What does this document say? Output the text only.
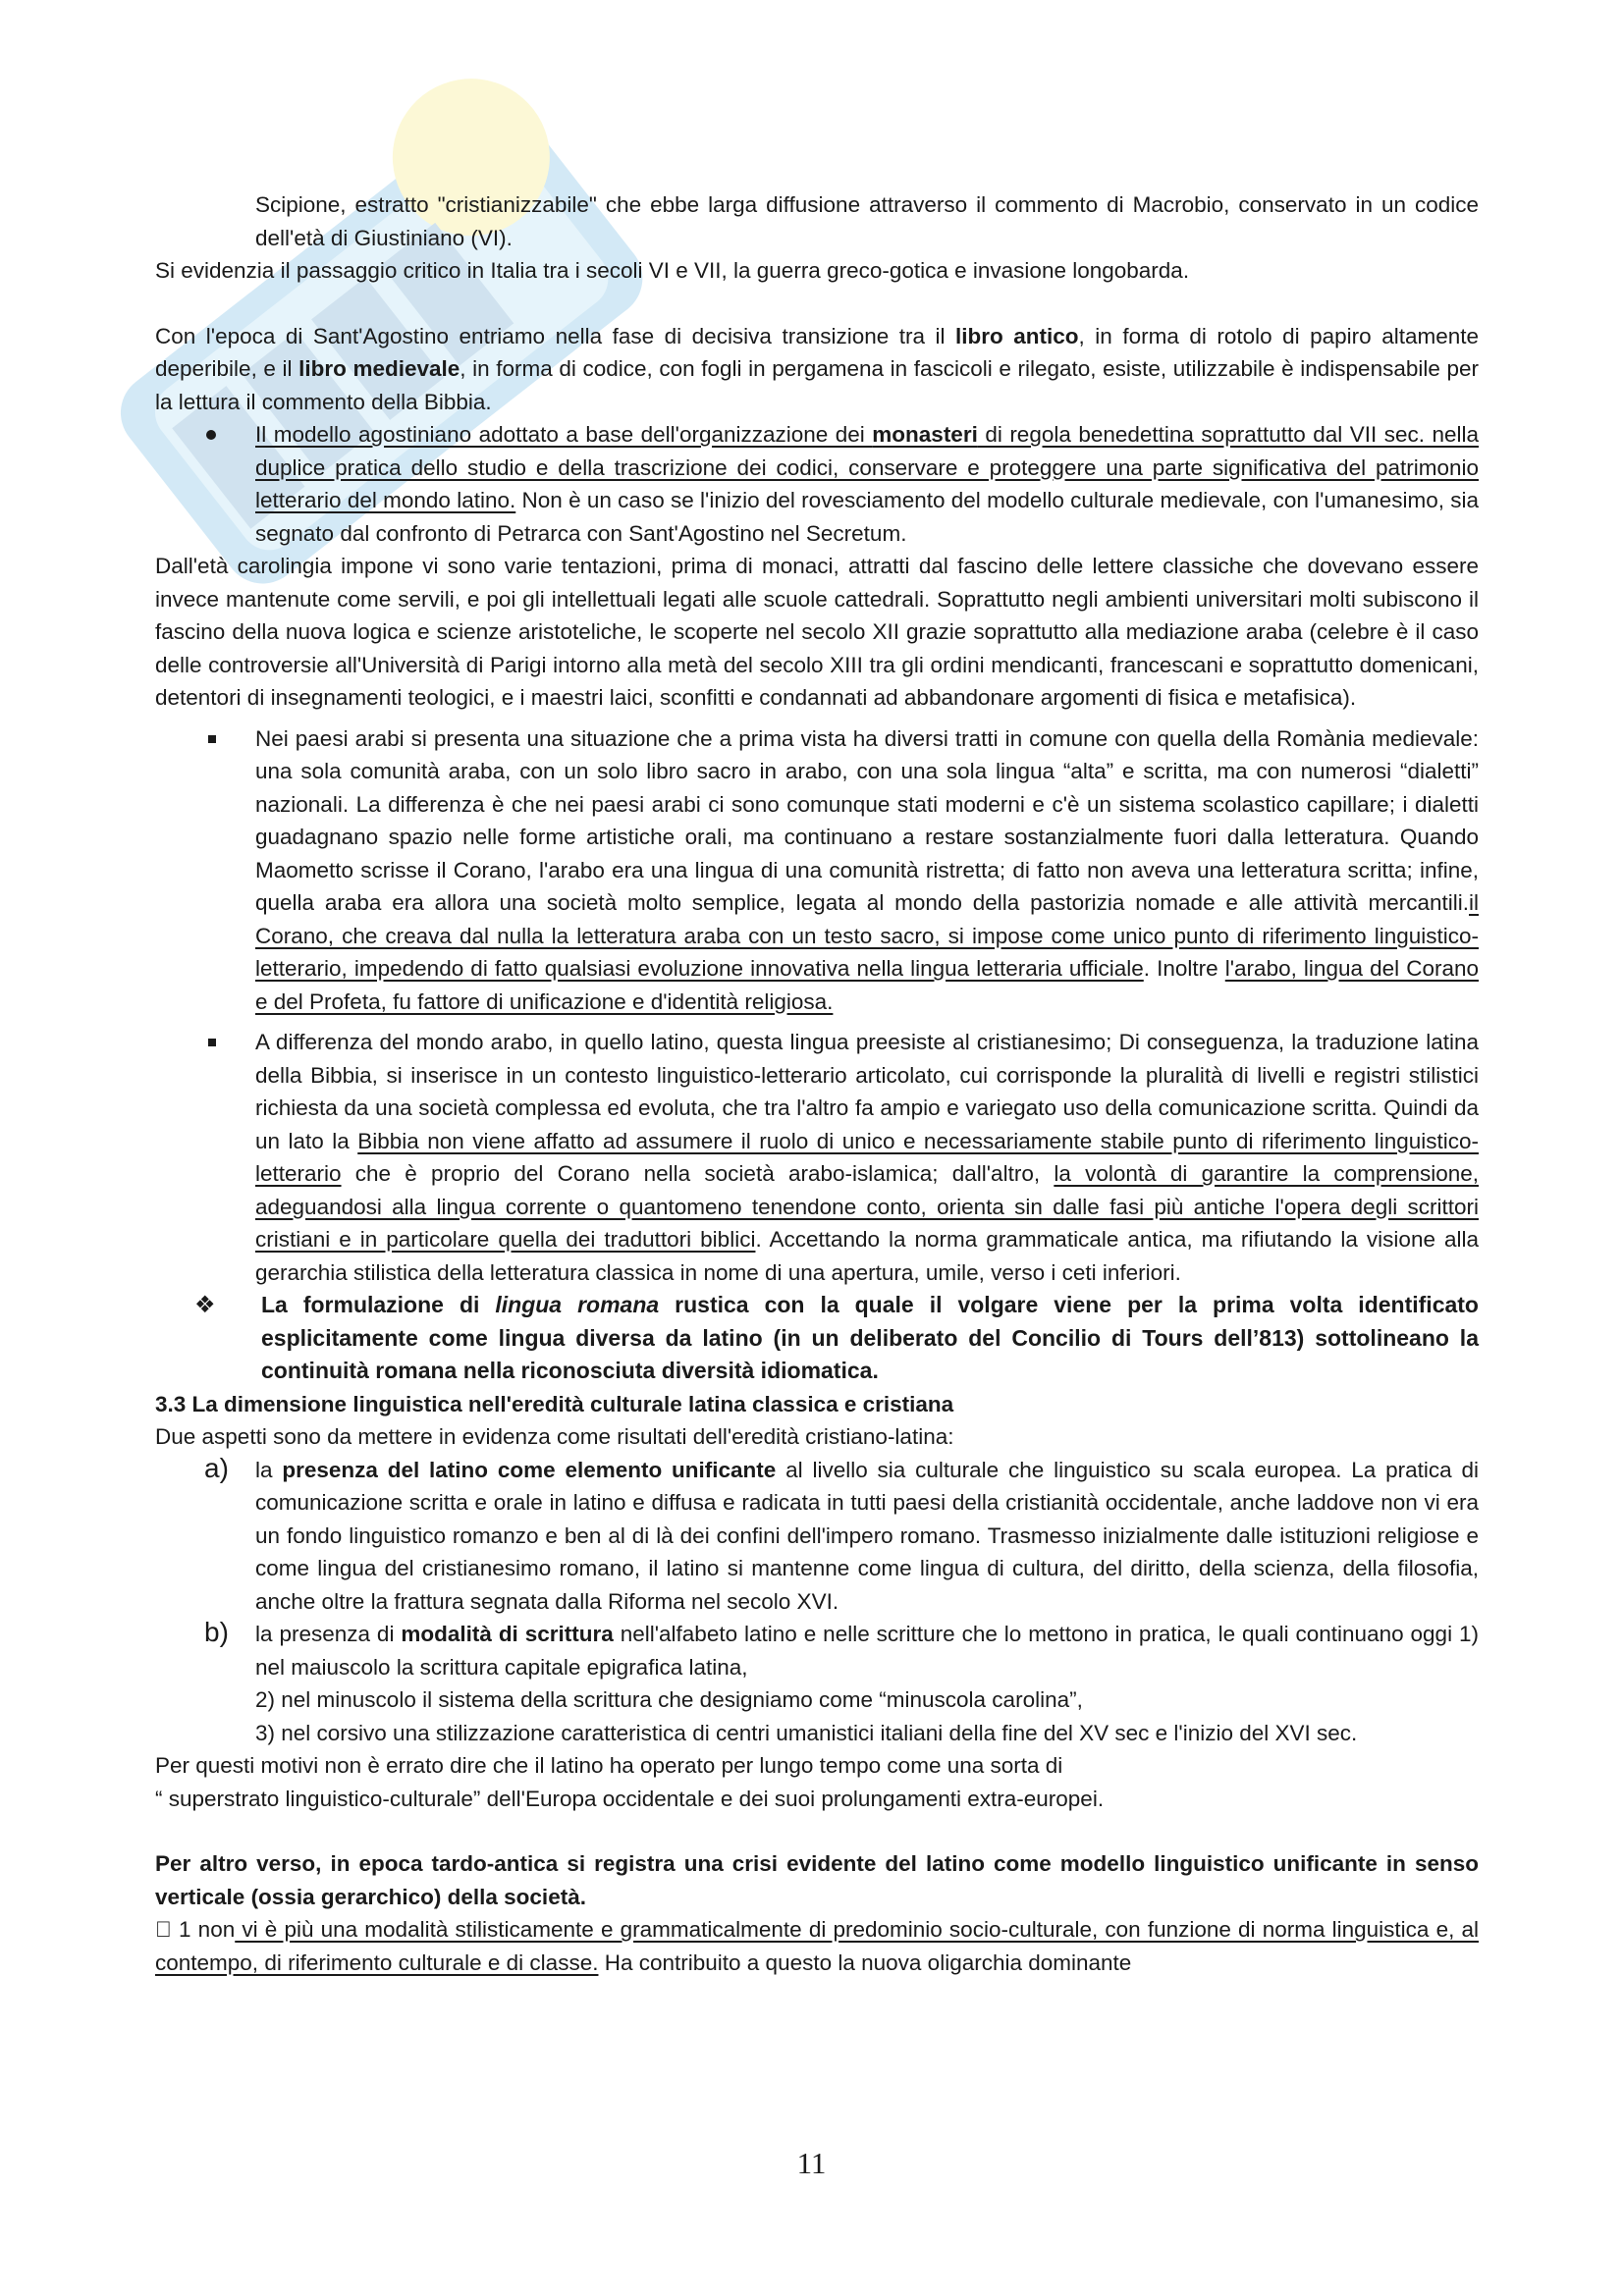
Scipione, estratto "cristianizzabile" che ebbe larga diffusione attraverso il commento di Macrobio, conservato in un codice dell'età di Giustiniano (VI).

Si evidenzia il passaggio critico in Italia tra i secoli VI e VII, la guerra greco-gotica e invasione longobarda.

Con l'epoca di Sant'Agostino entriamo nella fase di decisiva transizione tra il libro antico, in forma di rotolo di papiro altamente deperibile, e il libro medievale, in forma di codice, con fogli in pergamena in fascicoli e rilegato, esiste, utilizzabile è indispensabile per la lettura il commento della Bibbia.

Il modello agostiniano adottato a base dell'organizzazione dei monasteri di regola benedettina soprattutto dal VII sec. nella duplice pratica dello studio e della trascrizione dei codici, conservare e proteggere una parte significativa del patrimonio letterario del mondo latino. Non è un caso se l'inizio del rovesciamento del modello culturale medievale, con l'umanesimo, sia segnato dal confronto di Petrarca con Sant'Agostino nel Secretum.

Dall'età carolingia impone vi sono varie tentazioni, prima di monaci, attratti dal fascino delle lettere classiche che dovevano essere invece mantenute come servili, e poi gli intellettuali legati alle scuole cattedrali. Soprattutto negli ambienti universitari molti subiscono il fascino della nuova logica e scienze aristoteliche, le scoperte nel secolo XII grazie soprattutto alla mediazione araba (celebre è il caso delle controversie all'Università di Parigi intorno alla metà del secolo XIII tra gli ordini mendicanti, francescani e soprattutto domenicani, detentori di insegnamenti teologici, e i maestri laici, sconfitti e condannati ad abbandonare argomenti di fisica e metafisica).

Nei paesi arabi si presenta una situazione che a prima vista ha diversi tratti in comune con quella della Romània medievale: una sola comunità araba, con un solo libro sacro in arabo, con una sola lingua “alta” e scritta, ma con numerosi “dialetti” nazionali. La differenza è che nei paesi arabi ci sono comunque stati moderni e c'è un sistema scolastico capillare; i dialetti guadagnano spazio nelle forme artistiche orali, ma continuano a restare sostanzialmente fuori dalla letteratura. Quando Maometto scrisse il Corano, l'arabo era una lingua di una comunità ristretta; di fatto non aveva una letteratura scritta; infine, quella araba era allora una società molto semplice, legata al mondo della pastorizia nomade e alle attività mercantili.il Corano, che creava dal nulla la letteratura araba con un testo sacro, si impose come unico punto di riferimento linguistico-letterario, impedendo di fatto qualsiasi evoluzione innovativa nella lingua letteraria ufficiale. Inoltre l'arabo, lingua del Corano e del Profeta, fu fattore di unificazione e d'identità religiosa.
A differenza del mondo arabo, in quello latino, questa lingua preesiste al cristianesimo; Di conseguenza, la traduzione latina della Bibbia, si inserisce in un contesto linguistico-letterario articolato, cui corrisponde la pluralità di livelli e registri stilistici richiesta da una società complessa ed evoluta, che tra l'altro fa ampio e variegato uso della comunicazione scritta. Quindi da un lato la Bibbia non viene affatto ad assumere il ruolo di unico e necessariamente stabile punto di riferimento linguistico-letterario che è proprio del Corano nella società arabo-islamica; dall'altro, la volontà di garantire la comprensione, adeguandosi alla lingua corrente o quantomeno tenendone conto, orienta sin dalle fasi più antiche l'opera degli scrittori cristiani e in particolare quella dei traduttori biblici. Accettando la norma grammaticale antica, ma rifiutando la visione alla gerarchia stilistica della letteratura classica in nome di una apertura, umile, verso i ceti inferiori.
❖ La formulazione di lingua romana rustica con la quale il volgare viene per la prima volta identificato esplicitamente come lingua diversa da latino (in un deliberato del Concilio di Tours dell’813) sottolineano la continuità romana nella riconosciuta diversità idiomatica.

3.3 La dimensione linguistica nell'eredità culturale latina classica e cristiana

Due aspetti sono da mettere in evidenza come risultati dell'eredità cristiano-latina:

a) la presenza del latino come elemento unificante al livello sia culturale che linguistico su scala europea. La pratica di comunicazione scritta e orale in latino e diffusa e radicata in tutti paesi della cristianità occidentale, anche laddove non vi era un fondo linguistico romanzo e ben al di là dei confini dell'impero romano. Trasmesso inizialmente dalle istituzioni religiose e come lingua del cristianesimo romano, il latino si mantenne come lingua di cultura, del diritto, della scienza, della filosofia, anche oltre la frattura segnata dalla Riforma nel secolo XVI.
b) la presenza di modalità di scrittura nell'alfabeto latino e nelle scritture che lo mettono in pratica, le quali continuano oggi 1) nel maiuscolo la scrittura capitale epigrafica latina,
2) nel minuscolo il sistema della scrittura che designiamo come “minuscola carolina”,
3) nel corsivo una stilizzazione caratteristica di centri umanistici italiani della fine del XV sec e l'inizio del XVI sec.

Per questi motivi non è errato dire che il latino ha operato per lungo tempo come una sorta di

“ superstrato linguistico-culturale” dell'Europa occidentale e dei suoi prolungamenti extra-europei.

Per altro verso, in epoca tardo-antica si registra una crisi evidente del latino come modello linguistico unificante in senso verticale (ossia gerarchico) della società.

1 non vi è più una modalità stilisticamente e grammaticalmente di predominio socio-culturale, con funzione di norma linguistica e, al contempo, di riferimento culturale e di classe. Ha contribuito a questo la nuova oligarchia dominante

11
